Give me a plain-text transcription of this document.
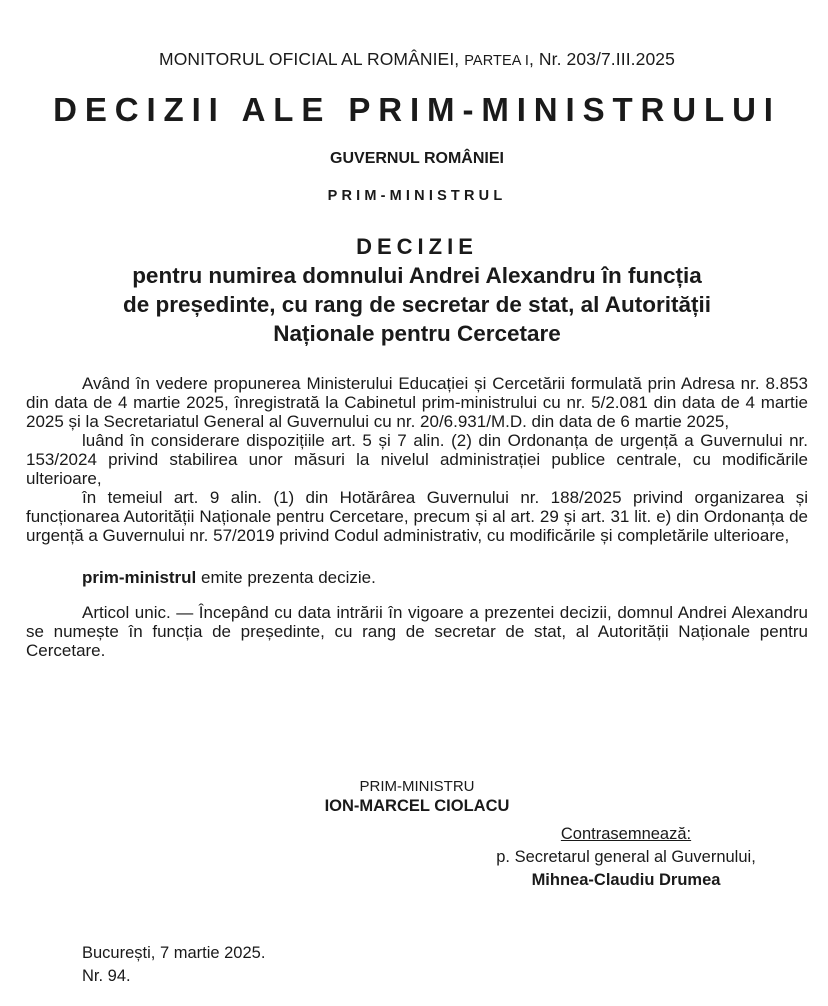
MONITORUL OFICIAL AL ROMÂNIEI, PARTEA I, Nr. 203/7.III.2025
DECIZII ALE PRIM-MINISTRULUI
GUVERNUL ROMÂNIEI
PRIM-MINISTRUL
DECIZIE
pentru numirea domnului Andrei Alexandru în funcția
de președinte, cu rang de secretar de stat, al Autorității
Naționale pentru Cercetare

Având în vedere propunerea Ministerului Educației și Cercetării formulată prin Adresa nr. 8.853 din data de 4 martie 2025, înregistrată la Cabinetul prim-ministrului cu nr. 5/2.081 din data de 4 martie 2025 și la Secretariatul General al Guvernului cu nr. 20/6.931/M.D. din data de 6 martie 2025,

luând în considerare dispozițiile art. 5 și 7 alin. (2) din Ordonanța de urgență a Guvernului nr. 153/2024 privind stabilirea unor măsuri la nivelul administrației publice centrale, cu modificările ulterioare,

în temeiul art. 9 alin. (1) din Hotărârea Guvernului nr. 188/2025 privind organizarea și funcționarea Autorității Naționale pentru Cercetare, precum și al art. 29 și art. 31 lit. e) din Ordonanța de urgență a Guvernului nr. 57/2019 privind Codul administrativ, cu modificările și completările ulterioare,

prim-ministrul emite prezenta decizie.

Articol unic. — Începând cu data intrării în vigoare a prezentei decizii, domnul Andrei Alexandru se numește în funcția de președinte, cu rang de secretar de stat, al Autorității Naționale pentru Cercetare.

PRIM-MINISTRU
ION-MARCEL CIOLACU
Contrasemnează:
p. Secretarul general al Guvernului,
Mihnea-Claudiu Drumea
București, 7 martie 2025.
Nr. 94.
